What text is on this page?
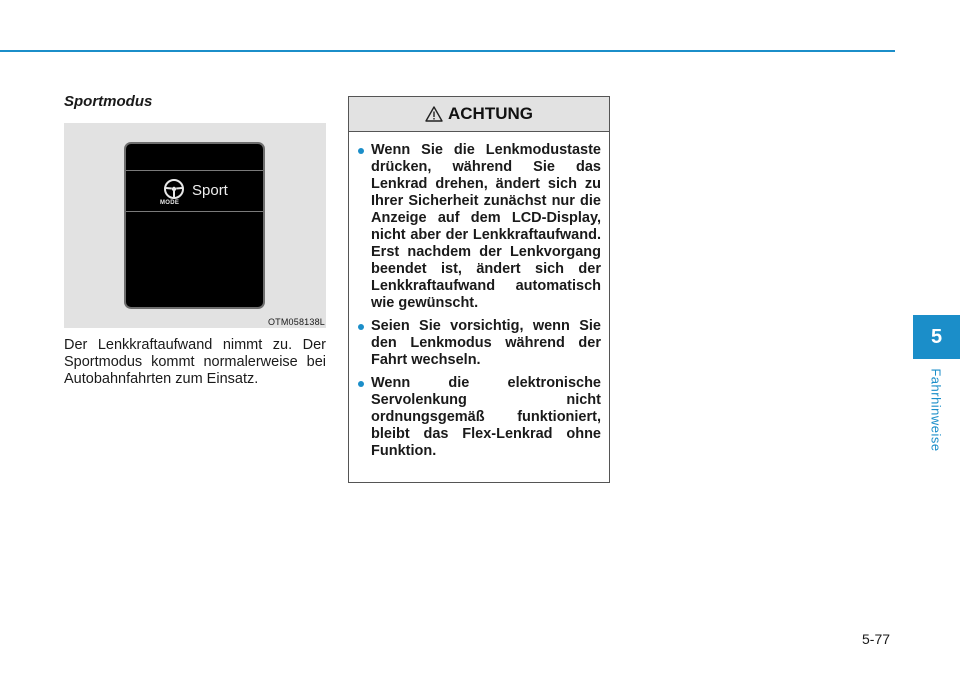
Sportmodus
MODE
Sport
OTM058138L

Der Lenkkraftaufwand nimmt zu. Der Sportmodus kommt normalerweise bei Autobahnfahrten zum Einsatz.

ACHTUNG
Wenn Sie die Lenkmodustaste drücken, während Sie das Lenkrad drehen, ändert sich zu Ihrer Sicherheit zunächst nur die Anzeige auf dem LCD-Display, nicht aber der Lenkkraftaufwand. Erst nachdem der Lenkvorgang beendet ist, ändert sich der Lenkkraftaufwand automatisch wie gewünscht.
Seien Sie vorsichtig, wenn Sie den Lenkmodus während der Fahrt wechseln.
Wenn die elektronische Servolenkung nicht ordnungsgemäß funktioniert, bleibt das Flex-Lenkrad ohne Funktion.
5
Fahrhinweise
5-77
